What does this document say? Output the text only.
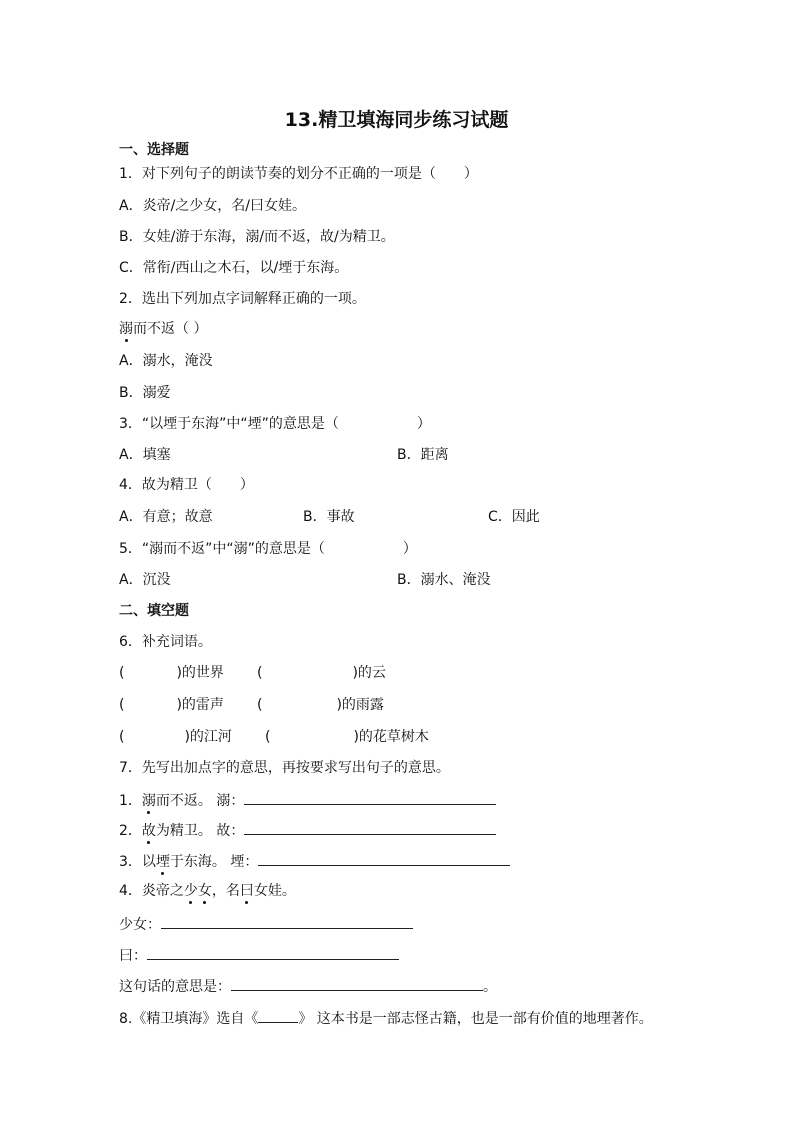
13.精卫填海同步练习试题
一、选择题
1．对下列句子的朗读节奏的划分不正确的一项是（　　）
A．炎帝/之少女，名/曰女娃。
B．女娃/游于东海，溺/而不返，故/为精卫。
C．常衔/西山之木石，以/堙于东海。
2．选出下列加点字词解释正确的一项。
溺而不返（ ）
A．溺水，淹没
B．溺爱
3．“以堙于东海”中“堙”的意思是（	）
A．填塞	B．距离
4．故为精卫（　　）
A．有意；故意	B．事故	C．因此
5．“溺而不返”中“溺”的意思是（	）
A．沉没	B．溺水、淹没
二、填空题
6．补充词语。
(	)的世界 (	)的云
(	)的雷声 (	)的雨露
(	)的江河 (	)的花草树木
7．先写出加点字的意思，再按要求写出句子的意思。
1．溺而不返。 溺：
2．故为精卫。 故：
3．以堙于东海。 堙：
4．炎帝之少女，名曰女娃。
少女：
曰：
这句话的意思是：	。
8.《精卫填海》选自《	》 这本书是一部志怪古籍，也是一部有价值的地理著作。
